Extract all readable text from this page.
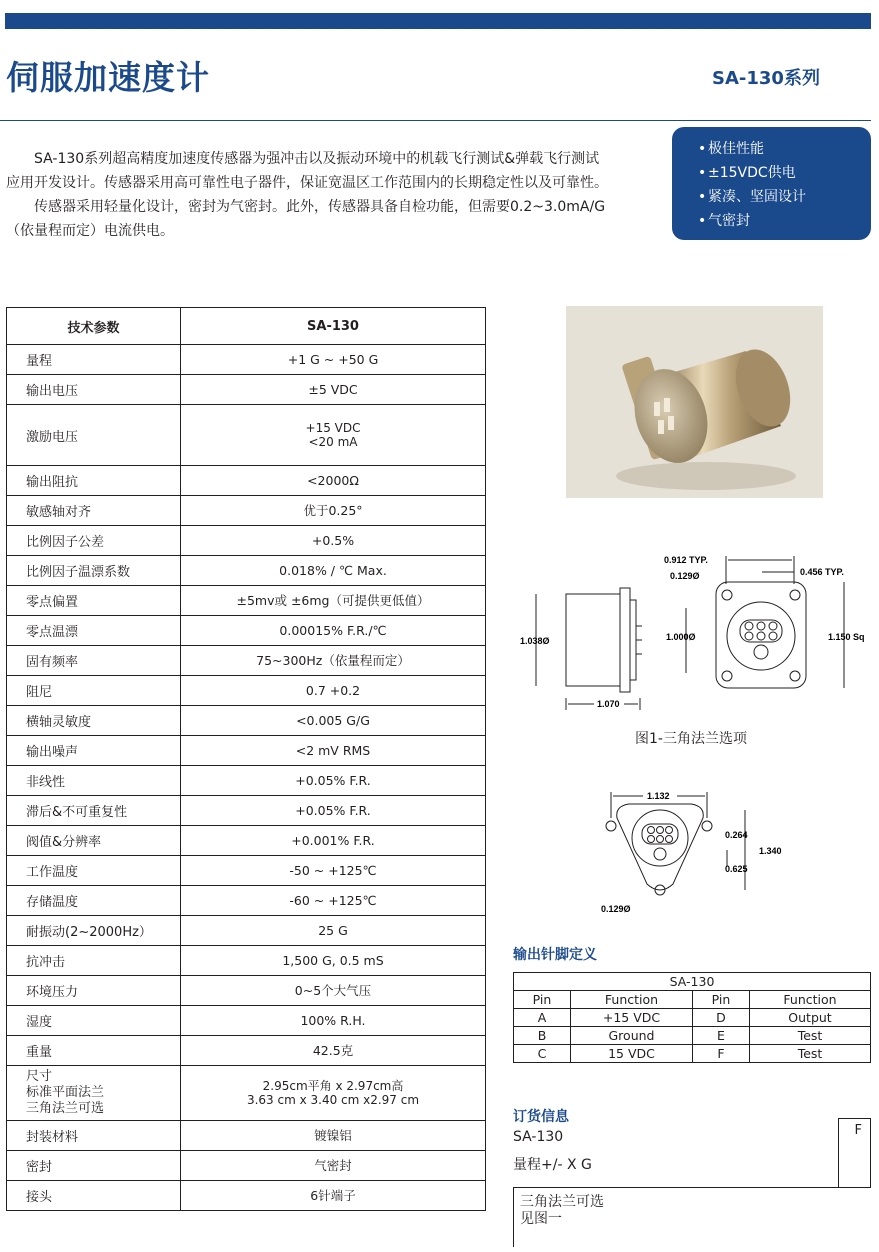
伺服加速度计	SA-130系列

SA-130系列超高精度加速度传感器为强冲击以及振动环境中的机载飞行测试&弹载飞行测试应用开发设计。传感器采用高可靠性电子器件，保证宽温区工作范围内的长期稳定性以及可靠性。

传感器采用轻量化设计，密封为气密封。此外，传感器具备自检功能，但需要0.2~3.0mA/G（依量程而定）电流供电。

• 极佳性能
• ±15VDC供电
• 紧凑、坚固设计
• 气密封
技术参数	SA-130
量程	+1 G ~ +50 G
输出电压	±5 VDC
激励电压	+15 VDC
<20 mA
输出阻抗	<2000Ω
敏感轴对齐	优于0.25°
比例因子公差	+0.5%
比例因子温漂系数	0.018% / ℃ Max.
零点偏置	±5mv或 ±6mg（可提供更低值）
零点温漂	0.00015% F.R./℃
固有频率	75~300Hz（依量程而定）
阻尼	0.7 +0.2
横轴灵敏度	<0.005 G/G
输出噪声	<2 mV RMS
非线性	+0.05% F.R.
滞后&不可重复性	+0.05% F.R.
阀值&分辨率	+0.001% F.R.
工作温度	-50 ~ +125℃
存储温度	-60 ~ +125℃
耐振动(2~2000Hz）	25 G
抗冲击	1,500 G, 0.5 mS
环境压力	0~5个大气压
湿度	100% R.H.
重量	42.5克
尺寸
标准平面法兰
三角法兰可选	2.95cm平角 x 2.97cm高
3.63 cm x 3.40 cm x2.97 cm
封装材料	镀镍铝
密封	气密封
接头	6针端子
0.912 TYP.
0.129Ø	0.456 TYP.
1.038Ø	1.000Ø	1.150 Sq
1.070
图1-三角法兰选项
1.132
0.264
1.340
0.625
0.129Ø
输出针脚定义
SA-130			
Pin	Function	Pin	Function
A	+15 VDC	D	Output
B	Ground	E	Test
C	15 VDC	F	Test
订货信息
SA-130
量程+/- X G
F
三角法兰可选
见图一
